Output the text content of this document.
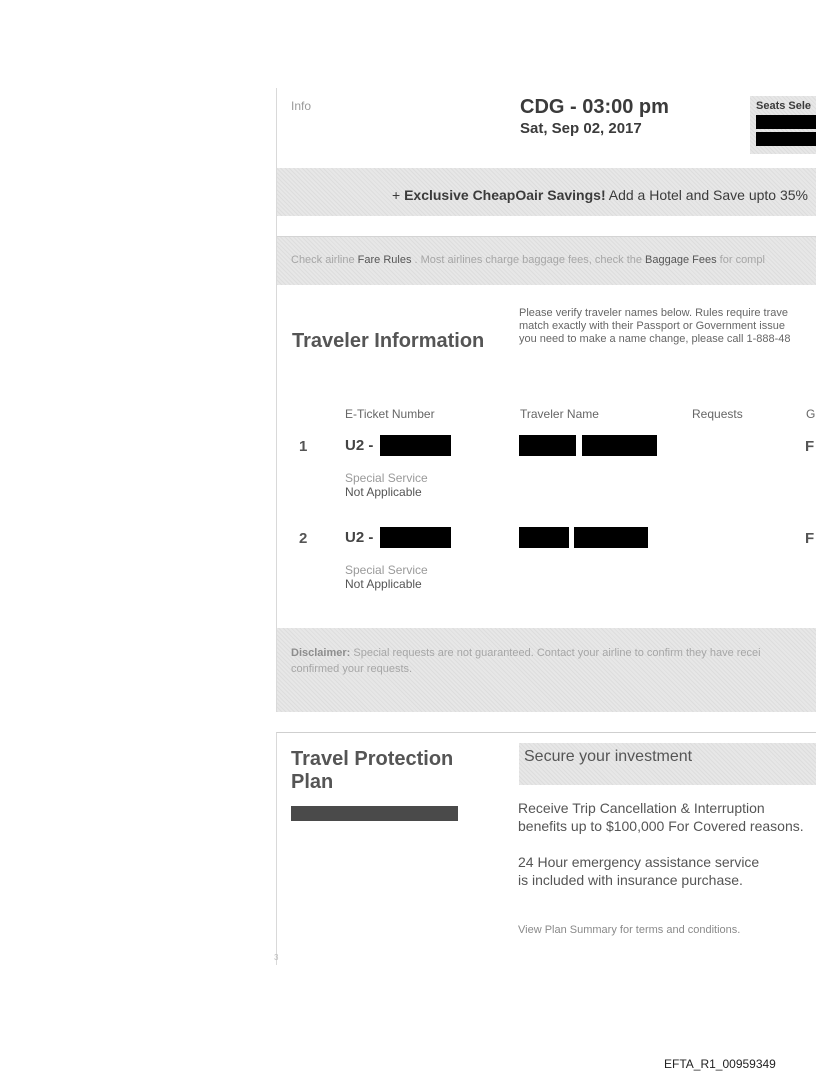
Info	CDG - 03:00 pm
Sat, Sep 02, 2017
Seats Sele
+ Exclusive CheapOair Savings! Add a Hotel and Save upto 35%
Check airline Fare Rules . Most airlines charge baggage fees, check the Baggage Fees for compl
Traveler Information
Please verify traveler names below. Rules require trave
match exactly with their Passport or Government issue
you need to make a name change, please call 1-888-48
E-Ticket Number	Traveler Name	Requests	G
1	U2 -	F
Special Service
Not Applicable
2	U2 -	F
Special Service
Not Applicable
Disclaimer: Special requests are not guaranteed. Contact your airline to confirm they have recei
confirmed your requests.
Travel Protection
Plan
Secure your investment
Receive Trip Cancellation & Interruption
benefits up to $100,000 For Covered reasons.
24 Hour emergency assistance service
is included with insurance purchase.
View Plan Summary for terms and conditions.
3
EFTA_R1_00959349
